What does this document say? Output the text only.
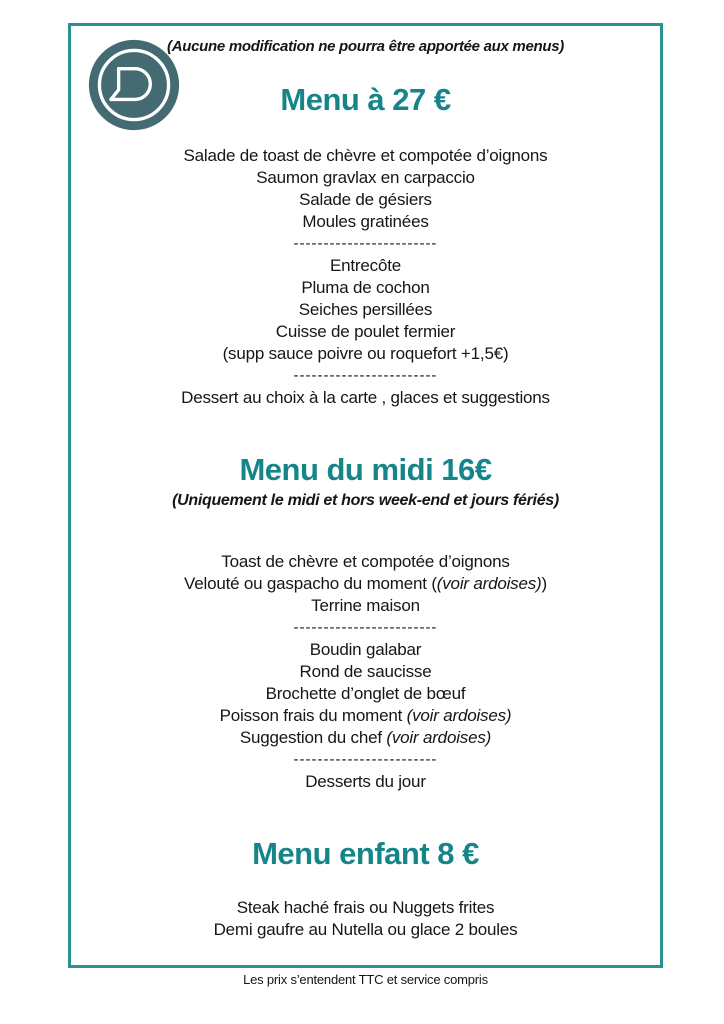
(Aucune modification ne pourra être apportée aux menus)
Menu à 27 €
Salade de toast de chèvre et compotée d’oignons
Saumon gravlax en carpaccio
Salade de gésiers
Moules gratinées
------------------------
Entrecôte
Pluma de cochon
Seiches persillées
Cuisse de poulet fermier
(supp sauce poivre ou roquefort +1,5€)
------------------------
Dessert au choix à la carte , glaces et suggestions
Menu du midi 16€
(Uniquement le midi et hors week-end et jours fériés)
Toast de chèvre et compotée d’oignons
Velouté ou gaspacho du moment ((voir ardoises))
Terrine maison
------------------------
Boudin galabar
Rond de saucisse
Brochette d’onglet de bœuf
Poisson frais du moment (voir ardoises)
Suggestion du chef (voir ardoises)
------------------------
Desserts du jour
Menu enfant 8 €
Steak haché frais ou Nuggets frites
Demi gaufre au Nutella ou glace 2 boules
Les prix s’entendent TTC et service compris
